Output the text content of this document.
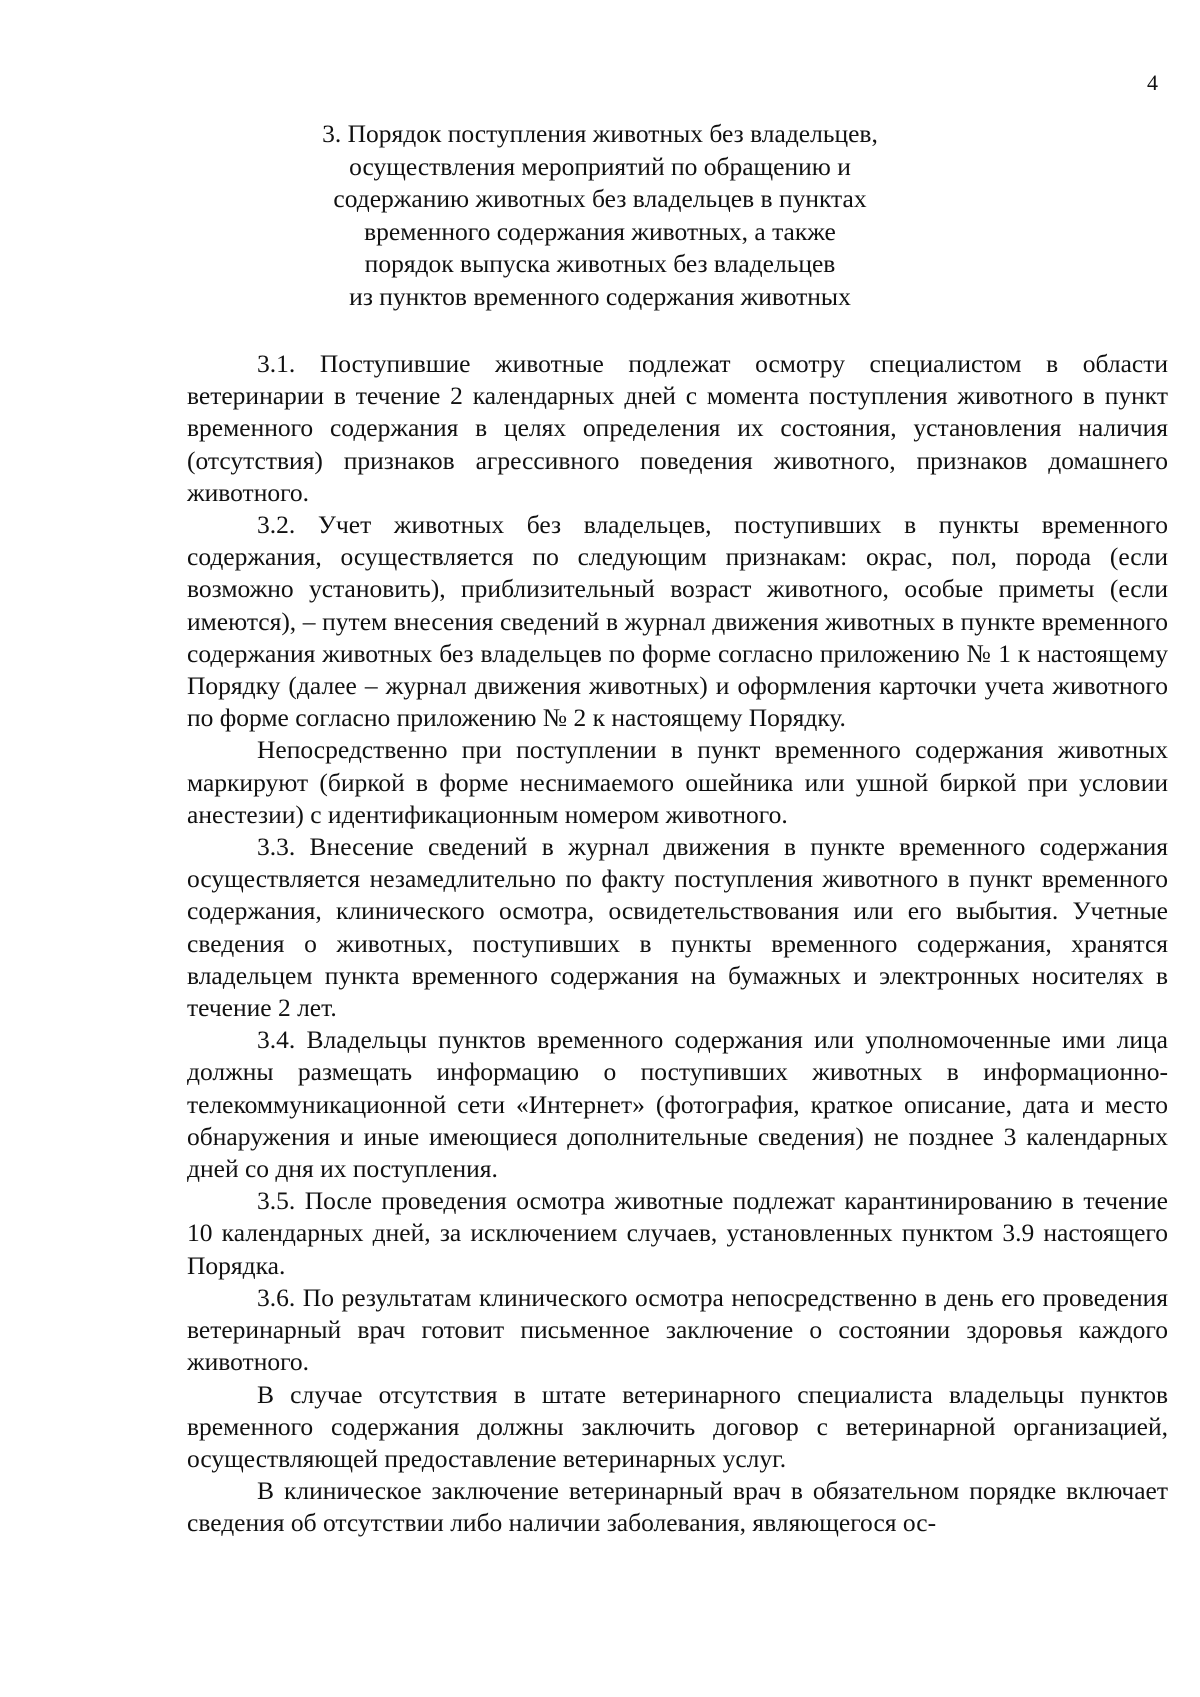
4
3. Порядок поступления животных без владельцев,
осуществления мероприятий по обращению и
содержанию животных без владельцев в пунктах
временного содержания животных, а также
порядок выпуска животных без владельцев
из пунктов временного содержания животных

3.1. Поступившие животные подлежат осмотру специалистом в области ветеринарии в течение 2 календарных дней с момента поступления животного в пункт временного содержания в целях определения их состояния, установления наличия (отсутствия) признаков агрессивного поведения животного, признаков домашнего животного.

3.2. Учет животных без владельцев, поступивших в пункты временного содержания, осуществляется по следующим признакам: окрас, пол, порода (если возможно установить), приблизительный возраст животного, особые приметы (если имеются), – путем внесения сведений в журнал движения животных в пункте временного содержания животных без владельцев по форме согласно приложению № 1 к настоящему Порядку (далее – журнал движения животных) и оформления карточки учета животного по форме согласно приложению № 2 к настоящему Порядку.

Непосредственно при поступлении в пункт временного содержания животных маркируют (биркой в форме неснимаемого ошейника или ушной биркой при условии анестезии) с идентификационным номером животного.

3.3. Внесение сведений в журнал движения в пункте временного содержания осуществляется незамедлительно по факту поступления животного в пункт временного содержания, клинического осмотра, освидетельствования или его выбытия. Учетные сведения о животных, поступивших в пункты временного содержания, хранятся владельцем пункта временного содержания на бумажных и электронных носителях в течение 2 лет.

3.4. Владельцы пунктов временного содержания или уполномоченные ими лица должны размещать информацию о поступивших животных в информационно-телекоммуникационной сети «Интернет» (фотография, краткое описание, дата и место обнаружения и иные имеющиеся дополнительные сведения) не позднее 3 календарных дней со дня их поступления.

3.5. После проведения осмотра животные подлежат карантинированию в течение 10 календарных дней, за исключением случаев, установленных пунктом 3.9 настоящего Порядка.

3.6. По результатам клинического осмотра непосредственно в день его проведения ветеринарный врач готовит письменное заключение о состоянии здоровья каждого животного.

В случае отсутствия в штате ветеринарного специалиста владельцы пунктов временного содержания должны заключить договор с ветеринарной организацией, осуществляющей предоставление ветеринарных услуг.

В клиническое заключение ветеринарный врач в обязательном порядке включает сведения об отсутствии либо наличии заболевания, являющегося ос-
